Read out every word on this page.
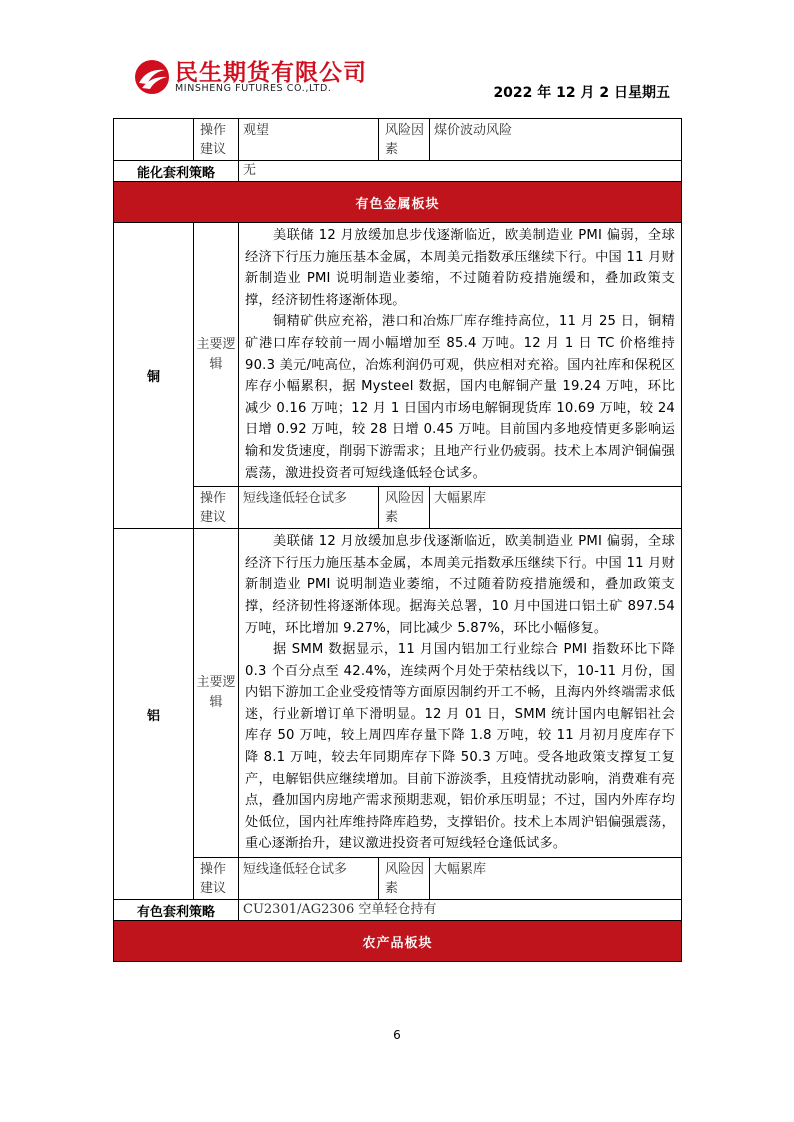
民生期货有限公司
MINSHENG FUTURES CO.,LTD.	2022 年 12 月 2 日星期五
	操作建议	观望	风险因素	煤价波动风险
能化套利策略		无		
有色金属板块				
铜	主要逻辑	美联储 12 月放缓加息步伐逐渐临近，欧美制造业 PMI 偏弱，全球经济下行压力施压基本金属，本周美元指数承压继续下行。中国 11 月财新制造业 PMI 说明制造业萎缩，不过随着防疫措施缓和，叠加政策支撑，经济韧性将逐渐体现。

铜精矿供应充裕，港口和冶炼厂库存维持高位，11 月 25 日，铜精矿港口库存较前一周小幅增加至 85.4 万吨。12 月 1 日 TC 价格维持 90.3 美元/吨高位，冶炼利润仍可观，供应相对充裕。国内社库和保税区库存小幅累积，据 Mysteel 数据，国内电解铜产量 19.24 万吨，环比减少 0.16 万吨；12 月 1 日国内市场电解铜现货库 10.69 万吨，较 24 日增 0.92 万吨，较 28 日增 0.45 万吨。目前国内多地疫情更多影响运输和发货速度，削弱下游需求；且地产行业仍疲弱。技术上本周沪铜偏强震荡，激进投资者可短线逢低轻仓试多。		

	操作建议	短线逢低轻仓试多	风险因素	大幅累库
铝	主要逻辑	美联储 12 月放缓加息步伐逐渐临近，欧美制造业 PMI 偏弱，全球经济下行压力施压基本金属，本周美元指数承压继续下行。中国 11 月财新制造业 PMI 说明制造业萎缩，不过随着防疫措施缓和，叠加政策支撑，经济韧性将逐渐体现。据海关总署，10 月中国进口铝土矿 897.54 万吨，环比增加 9.27%，同比减少 5.87%，环比小幅修复。

据 SMM 数据显示，11 月国内铝加工行业综合 PMI 指数环比下降 0.3 个百分点至 42.4%，连续两个月处于荣枯线以下，10-11 月份，国内铝下游加工企业受疫情等方面原因制约开工不畅，且海内外终端需求低迷，行业新增订单下滑明显。12 月 01 日，SMM 统计国内电解铝社会库存 50 万吨，较上周四库存量下降 1.8 万吨，较 11 月初月度库存下降 8.1 万吨，较去年同期库存下降 50.3 万吨。受各地政策支撑复工复产，电解铝供应继续增加。目前下游淡季，且疫情扰动影响，消费难有亮点，叠加国内房地产需求预期悲观，铝价承压明显；不过，国内外库存均处低位，国内社库维持降库趋势，支撑铝价。技术上本周沪铝偏强震荡，重心逐渐抬升，建议激进投资者可短线轻仓逢低试多。		

	操作建议	短线逢低轻仓试多	风险因素	大幅累库
有色套利策略		CU2301/AG2306 空单轻仓持有		
农产品板块				
6
